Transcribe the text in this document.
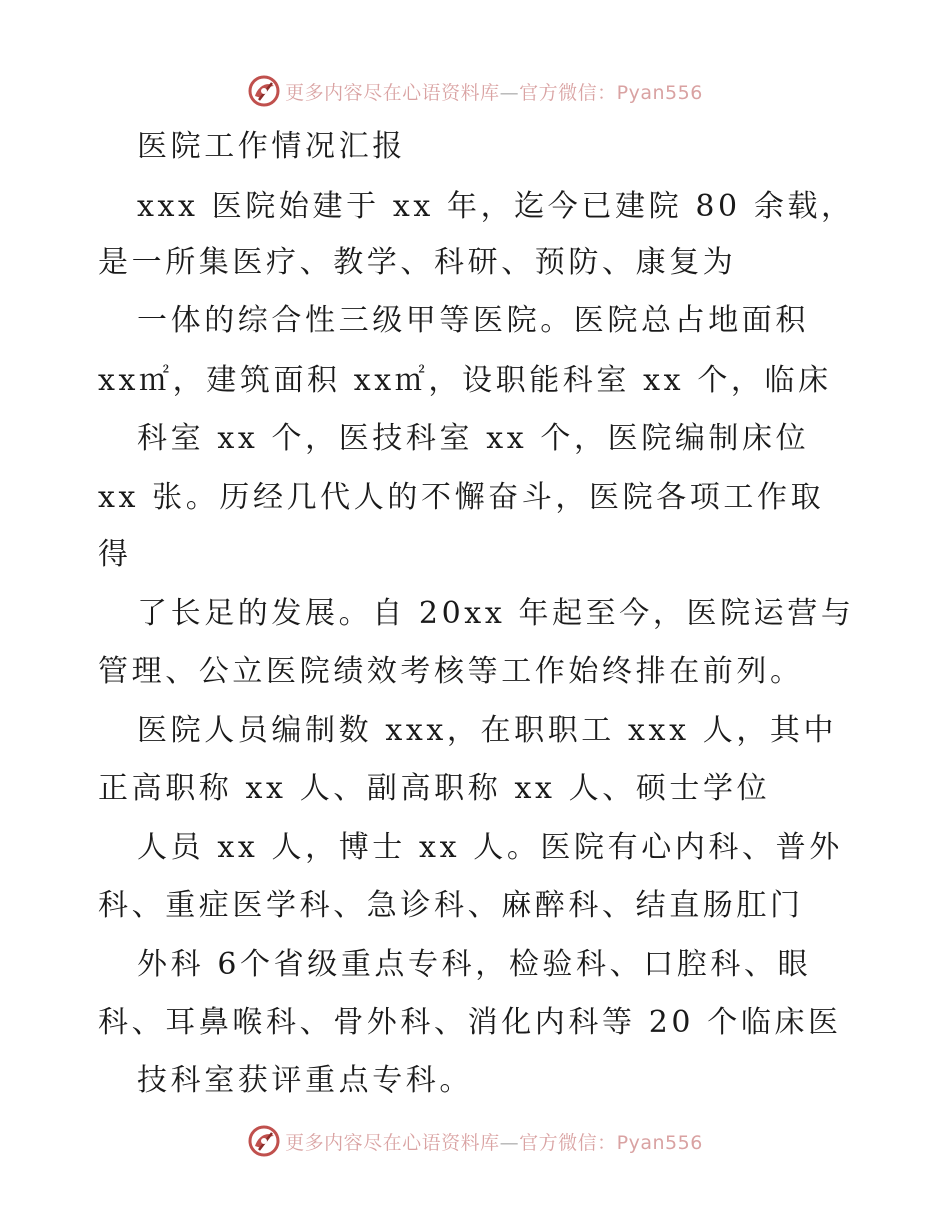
更多内容尽在心语资料库—官方微信：Pyan556
医院工作情况汇报
xxx 医院始建于 xx 年，迄今已建院 80 余载，
是一所集医疗、教学、科研、预防、康复为
一体的综合性三级甲等医院。医院总占地面积
xx㎡，建筑面积 xx㎡，设职能科室 xx 个，临床
科室 xx 个，医技科室 xx 个，医院编制床位
xx 张。历经几代人的不懈奋斗，医院各项工作取
得
了长足的发展。自 20xx 年起至今，医院运营与
管理、公立医院绩效考核等工作始终排在前列。
医院人员编制数 xxx，在职职工 xxx 人，其中
正高职称 xx 人、副高职称 xx 人、硕士学位
人员 xx 人，博士 xx 人。医院有心内科、普外
科、重症医学科、急诊科、麻醉科、结直肠肛门
外科 6个省级重点专科，检验科、口腔科、眼
科、耳鼻喉科、骨外科、消化内科等 20 个临床医
技科室获评重点专科。
更多内容尽在心语资料库—官方微信：Pyan556
